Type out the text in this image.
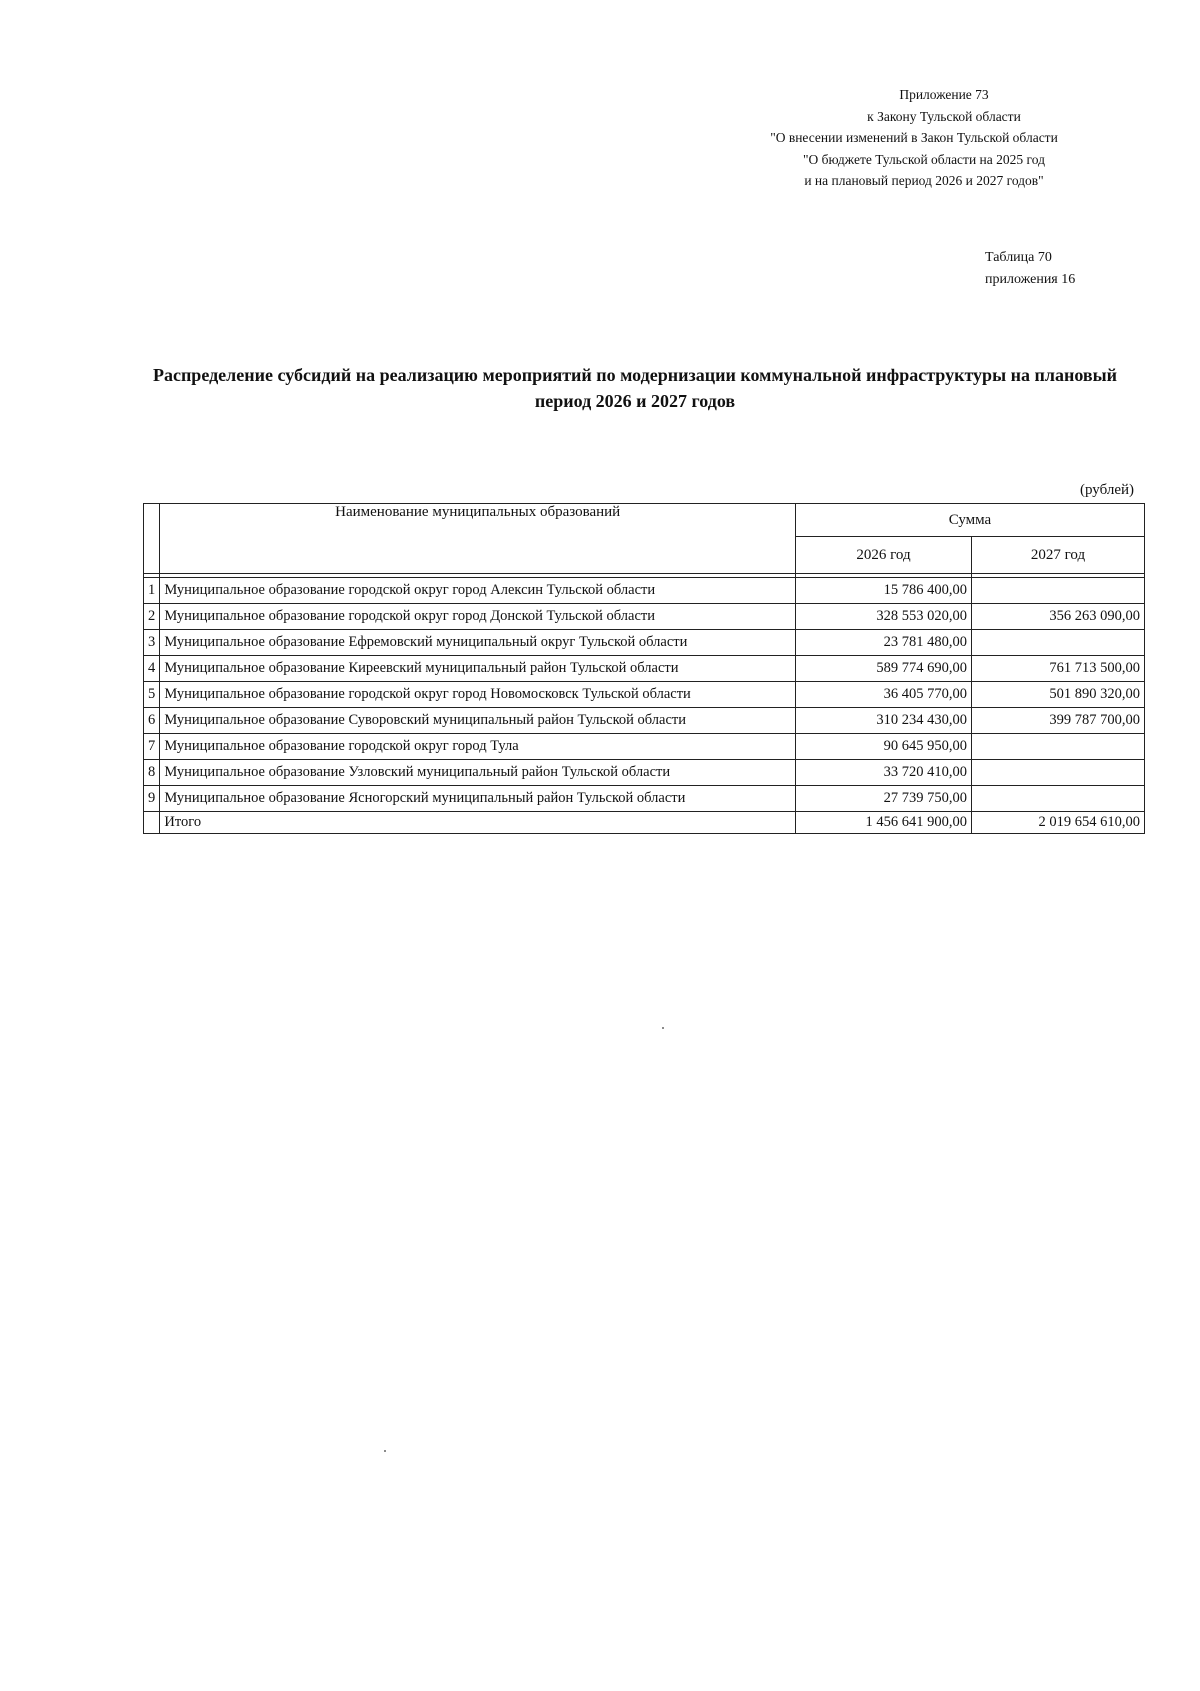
Приложение 73
к Закону Тульской области
"О внесении изменений в Закон Тульской области
"О бюджете Тульской области на 2025 год
и на плановый период 2026 и 2027 годов"
Таблица 70
приложения 16
Распределение субсидий на реализацию мероприятий по модернизации коммунальной инфраструктуры на плановый период 2026 и 2027 годов
(рублей)
	Наименование муниципальных образований	Сумма	
		2026 год	2027 год

1	Муниципальное образование городской округ город Алексин Тульской области	15 786 400,00	
2	Муниципальное образование городской округ город Донской Тульской области	328 553 020,00	356 263 090,00
3	Муниципальное образование Ефремовский муниципальный округ Тульской области	23 781 480,00	
4	Муниципальное образование Киреевский муниципальный район Тульской области	589 774 690,00	761 713 500,00
5	Муниципальное образование городской округ город Новомосковск Тульской области	36 405 770,00	501 890 320,00
6	Муниципальное образование Суворовский муниципальный район Тульской области	310 234 430,00	399 787 700,00
7	Муниципальное образование городской округ город Тула	90 645 950,00	
8	Муниципальное образование Узловский муниципальный район Тульской области	33 720 410,00	
9	Муниципальное образование Ясногорский муниципальный район Тульской области	27 739 750,00	
	Итого	1 456 641 900,00	2 019 654 610,00
